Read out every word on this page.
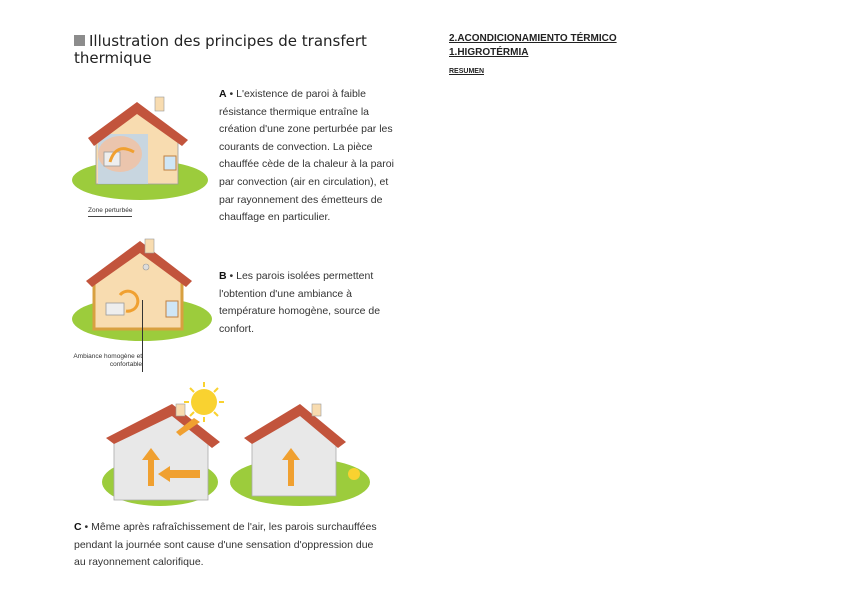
Illustration des principes de transfert thermique
Zone perturbée
A • L'existence de paroi à faible résistance thermique entraîne la création d'une zone perturbée par les courants de convection. La pièce chauffée cède de la chaleur à la paroi par convection (air en circulation), et par rayonnement des émetteurs de chauffage en particulier.
Ambiance homogène et confortable
B • Les parois isolées permettent l'obtention d'une ambiance à température homogène, source de confort.
C • Même après rafraîchissement de l'air, les parois surchauffées pendant la journée sont cause d'une sensation d'oppression due au rayonnement calorifique.
2.ACONDICIONAMIENTO TÉRMICO
1.HIGROTÉRMIA
RESUMEN
